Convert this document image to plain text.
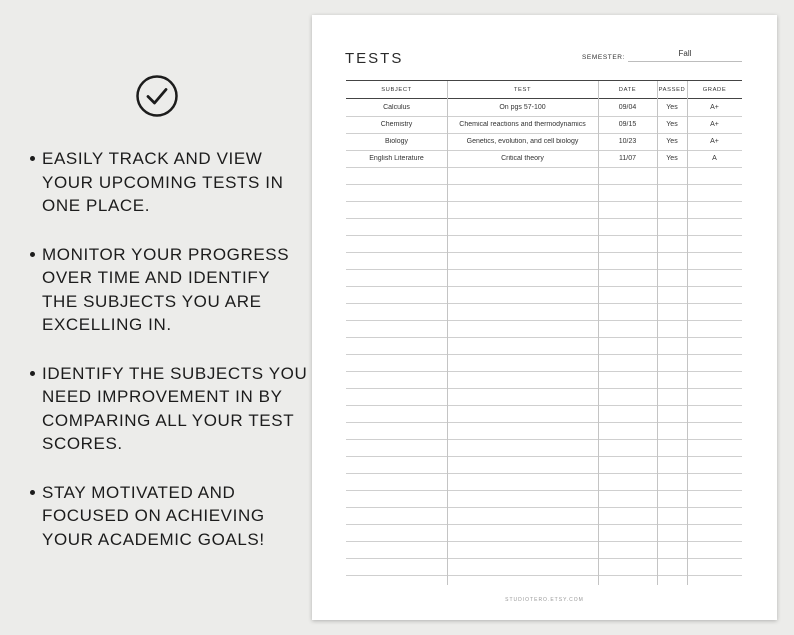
EASILY TRACK AND VIEW YOUR UPCOMING TESTS IN ONE PLACE.
MONITOR YOUR PROGRESS OVER TIME AND IDENTIFY THE SUBJECTS YOU ARE EXCELLING IN.
IDENTIFY THE SUBJECTS YOU NEED IMPROVEMENT IN BY COMPARING ALL YOUR TEST SCORES.
STAY MOTIVATED AND FOCUSED ON ACHIEVING YOUR ACADEMIC GOALS!
TESTS	SEMESTER:	Fall
SUBJECT	TEST	DATE	PASSED	GRADE
Calculus	On pgs 57-100	09/04	Yes	A+
Chemistry	Chemical reactions and thermodynamics	09/15	Yes	A+
Biology	Genetics, evolution, and cell biology	10/23	Yes	A+
English Literature	Critical theory	11/07	Yes	A
STUDIOTERO.ETSY.COM
